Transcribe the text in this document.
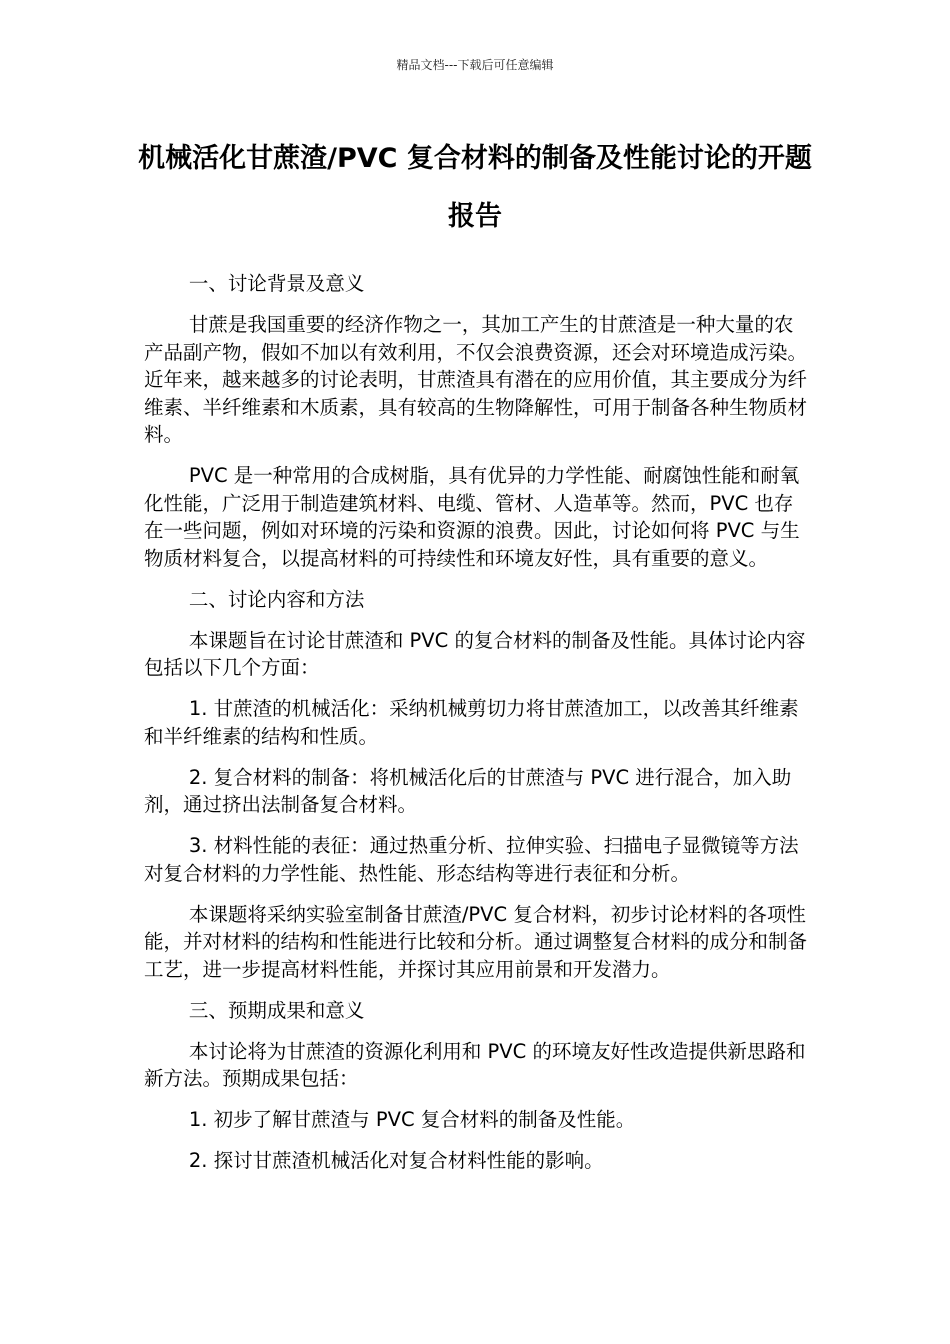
精品文档---下载后可任意编辑
机械活化甘蔗渣/PVC 复合材料的制备及性能讨论的开题报告

一、讨论背景及意义

甘蔗是我国重要的经济作物之一，其加工产生的甘蔗渣是一种大量的农产品副产物，假如不加以有效利用，不仅会浪费资源，还会对环境造成污染。近年来，越来越多的讨论表明，甘蔗渣具有潜在的应用价值，其主要成分为纤维素、半纤维素和木质素，具有较高的生物降解性，可用于制备各种生物质材料。

PVC 是一种常用的合成树脂，具有优异的力学性能、耐腐蚀性能和耐氧化性能，广泛用于制造建筑材料、电缆、管材、人造革等。然而，PVC 也存在一些问题，例如对环境的污染和资源的浪费。因此，讨论如何将 PVC 与生物质材料复合，以提高材料的可持续性和环境友好性，具有重要的意义。

二、讨论内容和方法

本课题旨在讨论甘蔗渣和 PVC 的复合材料的制备及性能。具体讨论内容包括以下几个方面：

1. 甘蔗渣的机械活化：采纳机械剪切力将甘蔗渣加工，以改善其纤维素和半纤维素的结构和性质。

2. 复合材料的制备：将机械活化后的甘蔗渣与 PVC 进行混合，加入助剂，通过挤出法制备复合材料。

3. 材料性能的表征：通过热重分析、拉伸实验、扫描电子显微镜等方法对复合材料的力学性能、热性能、形态结构等进行表征和分析。

本课题将采纳实验室制备甘蔗渣/PVC 复合材料，初步讨论材料的各项性能，并对材料的结构和性能进行比较和分析。通过调整复合材料的成分和制备工艺，进一步提高材料性能，并探讨其应用前景和开发潜力。

三、预期成果和意义

本讨论将为甘蔗渣的资源化利用和 PVC 的环境友好性改造提供新思路和新方法。预期成果包括：

1. 初步了解甘蔗渣与 PVC 复合材料的制备及性能。

2. 探讨甘蔗渣机械活化对复合材料性能的影响。
